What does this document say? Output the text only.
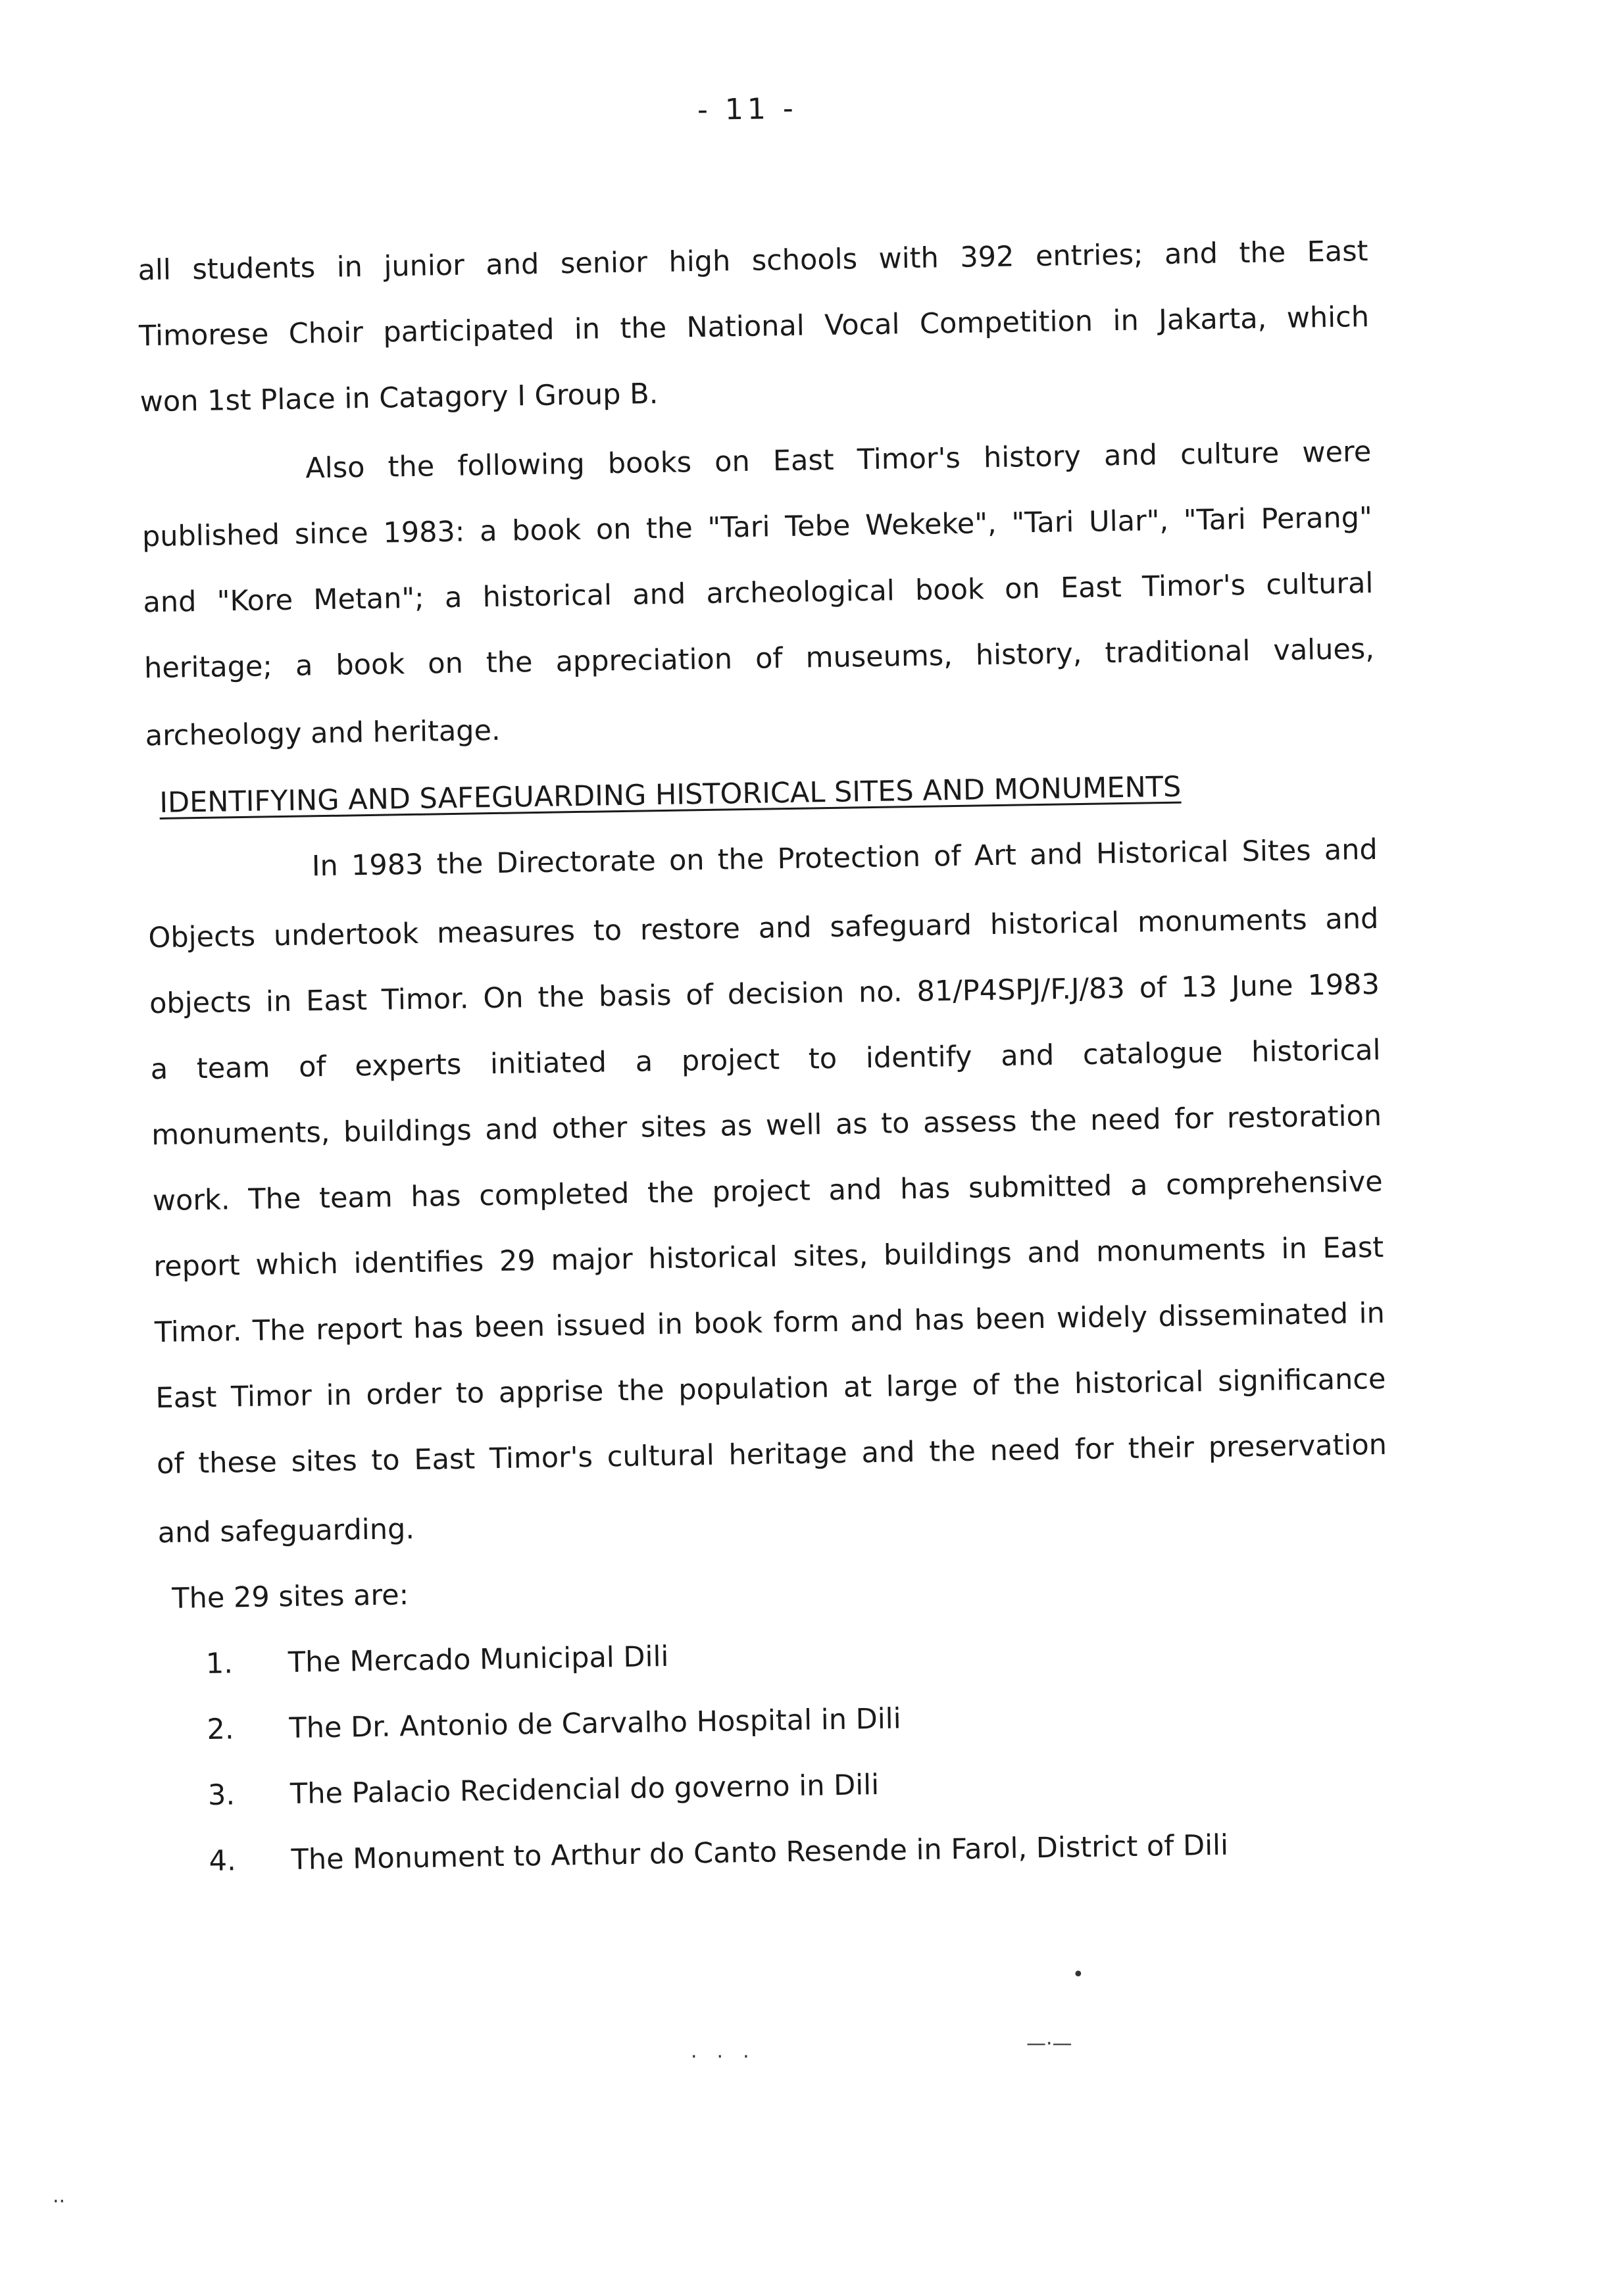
- 11 -
all students in junior and senior high schools with 392 entries; and the East
Timorese Choir participated in the National Vocal Competition in Jakarta, which
won 1st Place in Catagory I Group B.
Also the following books on East Timor's history and culture were
published since 1983: a book on the "Tari Tebe Wekeke", "Tari Ular", "Tari Perang"
and "Kore Metan"; a historical and archeological book on East Timor's cultural
heritage; a book on the appreciation of museums, history, traditional values,
archeology and heritage.
IDENTIFYING AND SAFEGUARDING HISTORICAL SITES AND MONUMENTS
In 1983 the Directorate on the Protection of Art and Historical Sites and
Objects undertook measures to restore and safeguard historical monuments and
objects in East Timor. On the basis of decision no. 81/P4SPJ/F.J/83 of 13 June 1983
a team of experts initiated a project to identify and catalogue historical
monuments, buildings and other sites as well as to assess the need for restoration
work. The team has completed the project and has submitted a comprehensive
report which identifies 29 major historical sites, buildings and monuments in East
Timor. The report has been issued in book form and has been widely disseminated in
East Timor in order to apprise the population at large of the historical significance
of these sites to East Timor's cultural heritage and the need for their preservation
and safeguarding.
The 29 sites are:
1. The Mercado Municipal Dili
2. The Dr. Antonio de Carvalho Hospital in Dili
3. The Palacio Recidencial do governo in Dili
4. The Monument to Arthur do Canto Resende in Farol, District of Dili
•
···
—·—
··
